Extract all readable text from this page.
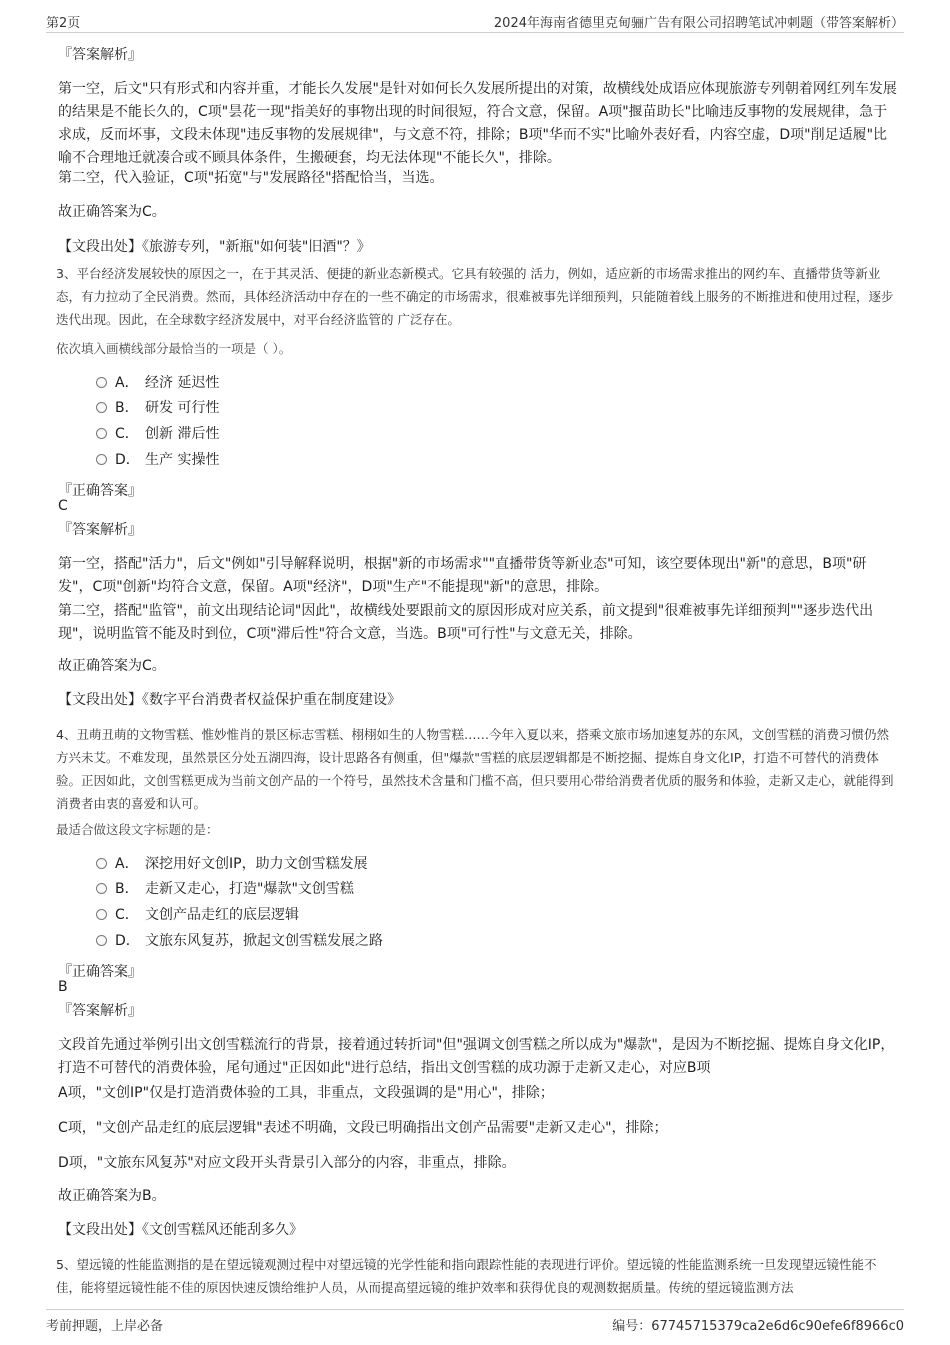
第2页	2024年海南省德里克甸骊广告有限公司招聘笔试冲刺题（带答案解析）
『答案解析』
第一空，后文"只有形式和内容并重，才能长久发展"是针对如何长久发展所提出的对策，故横线处成语应体现旅游专列朝着网红列车发展的结果是不能长久的，C项"昙花一现"指美好的事物出现的时间很短，符合文意，保留。A项"揠苗助长"比喻违反事物的发展规律，急于求成，反而坏事，文段未体现"违反事物的发展规律"，与文意不符，排除；B项"华而不实"比喻外表好看，内容空虚，D项"削足适履"比喻不合理地迁就凑合或不顾具体条件，生搬硬套，均无法体现"不能长久"，排除。
第二空，代入验证，C项"拓宽"与"发展路径"搭配恰当，当选。
故正确答案为C。
【文段出处】《旅游专列，"新瓶"如何装"旧酒"？》
3、平台经济发展较快的原因之一，在于其灵活、便捷的新业态新模式。它具有较强的 活力，例如，适应新的市场需求推出的网约车、直播带货等新业态，有力拉动了全民消费。然而，具体经济活动中存在的一些不确定的市场需求，很难被事先详细预判，只能随着线上服务的不断推进和使用过程，逐步迭代出现。因此，在全球数字经济发展中，对平台经济监管的 广泛存在。
依次填入画横线部分最恰当的一项是（ ）。
A． 经济 延迟性
B． 研发 可行性
C． 创新 滞后性
D． 生产 实操性
『正确答案』
C
『答案解析』
第一空，搭配"活力"，后文"例如"引导解释说明，根据"新的市场需求""直播带货等新业态"可知，该空要体现出"新"的意思，B项"研发"，C项"创新"均符合文意，保留。A项"经济"，D项"生产"不能提现"新"的意思，排除。
第二空，搭配"监管"，前文出现结论词"因此"，故横线处要跟前文的原因形成对应关系，前文提到"很难被事先详细预判""逐步迭代出现"，说明监管不能及时到位，C项"滞后性"符合文意，当选。B项"可行性"与文意无关，排除。
故正确答案为C。
【文段出处】《数字平台消费者权益保护重在制度建设》
4、丑萌丑萌的文物雪糕、惟妙惟肖的景区标志雪糕、栩栩如生的人物雪糕……今年入夏以来，搭乘文旅市场加速复苏的东风，文创雪糕的消费习惯仍然方兴未艾。不难发现，虽然景区分处五湖四海，设计思路各有侧重，但"爆款"雪糕的底层逻辑都是不断挖掘、提炼自身文化IP，打造不可替代的消费体验。正因如此，文创雪糕更成为当前文创产品的一个符号，虽然技术含量和门槛不高，但只要用心带给消费者优质的服务和体验，走新又走心，就能得到消费者由衷的喜爱和认可。
最适合做这段文字标题的是：
A． 深挖用好文创IP，助力文创雪糕发展
B． 走新又走心，打造"爆款"文创雪糕
C． 文创产品走红的底层逻辑
D． 文旅东风复苏，掀起文创雪糕发展之路
『正确答案』
B
『答案解析』
文段首先通过举例引出文创雪糕流行的背景，接着通过转折词"但"强调文创雪糕之所以成为"爆款"，是因为不断挖掘、提炼自身文化IP，打造不可替代的消费体验，尾句通过"正因如此"进行总结，指出文创雪糕的成功源于走新又走心，对应B项
A项，"文创IP"仅是打造消费体验的工具，非重点，文段强调的是"用心"，排除；
C项，"文创产品走红的底层逻辑"表述不明确，文段已明确指出文创产品需要"走新又走心"，排除；
D项，"文旅东风复苏"对应文段开头背景引入部分的内容，非重点，排除。
故正确答案为B。
【文段出处】《文创雪糕风还能刮多久》
5、望远镜的性能监测指的是在望远镜观测过程中对望远镜的光学性能和指向跟踪性能的表现进行评价。望远镜的性能监测系统一旦发现望远镜性能不佳，能将望远镜性能不佳的原因快速反馈给维护人员，从而提高望远镜的维护效率和获得优良的观测数据质量。传统的望远镜监测方法
考前押题，上岸必备	编号：67745715379ca2e6d6c90efe6f8966c0
